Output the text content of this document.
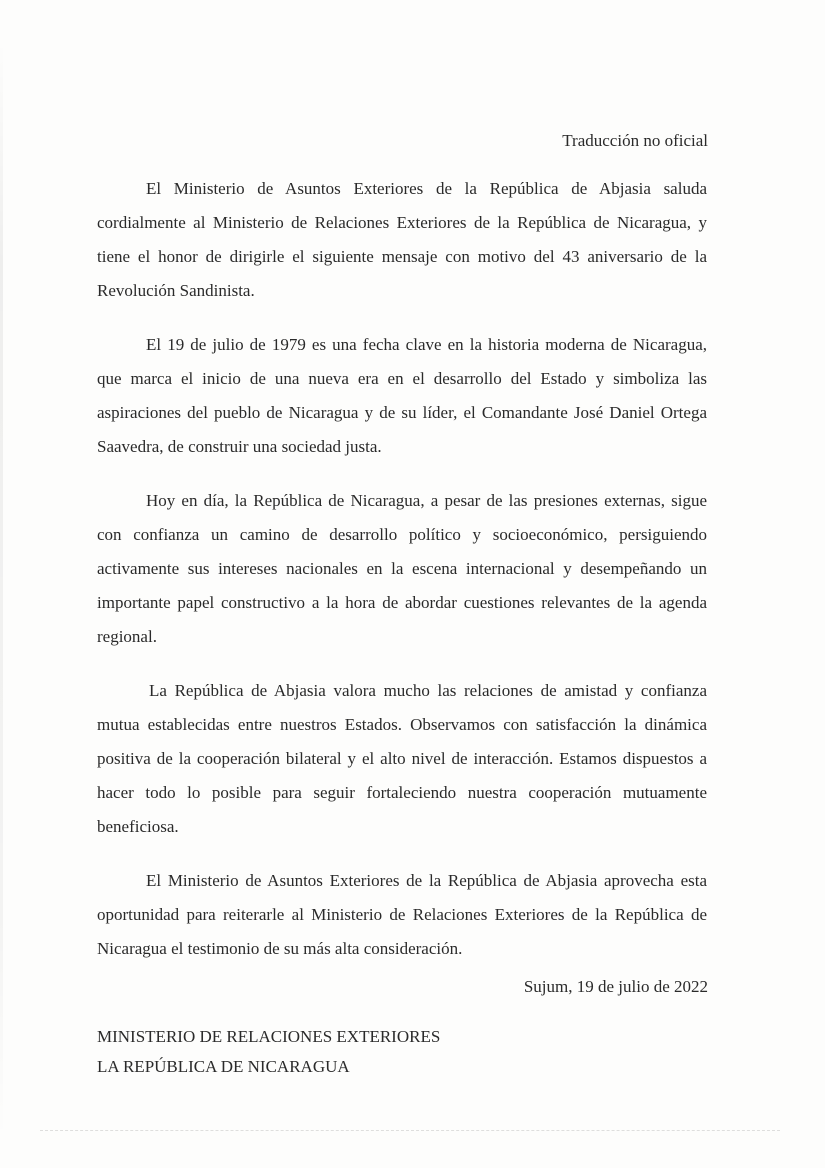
Traducción no oficial

El Ministerio de Asuntos Exteriores de la República de Abjasia saluda cordialmente al Ministerio de Relaciones Exteriores de la República de Nicaragua, y tiene el honor de dirigirle el siguiente mensaje con motivo del 43 aniversario de la Revolución Sandinista.

El 19 de julio de 1979 es una fecha clave en la historia moderna de Nicaragua, que marca el inicio de una nueva era en el desarrollo del Estado y simboliza las aspiraciones del pueblo de Nicaragua y de su líder, el Comandante José Daniel Ortega Saavedra, de construir una sociedad justa.

Hoy en día, la República de Nicaragua, a pesar de las presiones externas, sigue con confianza un camino de desarrollo político y socioeconómico, persiguiendo activamente sus intereses nacionales en la escena internacional y desempeñando un importante papel constructivo a la hora de abordar cuestiones relevantes de la agenda regional.

La República de Abjasia valora mucho las relaciones de amistad y confianza mutua establecidas entre nuestros Estados. Observamos con satisfacción la dinámica positiva de la cooperación bilateral y el alto nivel de interacción. Estamos dispuestos a hacer todo lo posible para seguir fortaleciendo nuestra cooperación mutuamente beneficiosa.

El Ministerio de Asuntos Exteriores de la República de Abjasia aprovecha esta oportunidad para reiterarle al Ministerio de Relaciones Exteriores de la República de Nicaragua el testimonio de su más alta consideración.

Sujum, 19 de julio de 2022
MINISTERIO DE RELACIONES EXTERIORES
LA REPÚBLICA DE NICARAGUA
